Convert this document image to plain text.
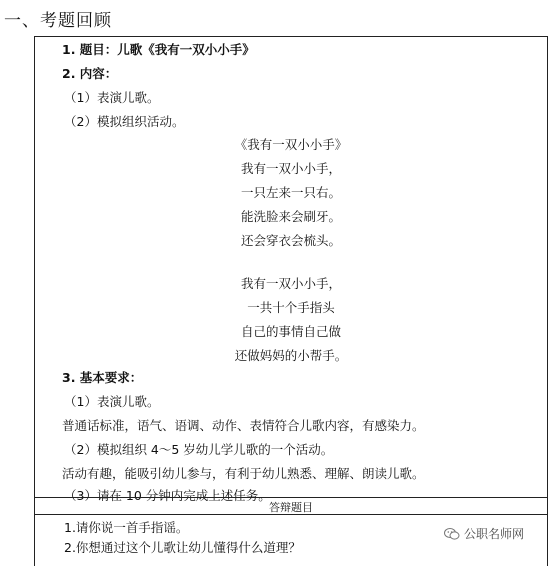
一、考题回顾
1. 题目：儿歌《我有一双小小手》
2. 内容：
（1）表演儿歌。
（2）模拟组织活动。
《我有一双小小手》
我有一双小小手，
一只左来一只右。
能洗脸来会刷牙。
还会穿衣会梳头。
我有一双小小手，
一共十个手指头
自己的事情自己做
还做妈妈的小帮手。
3. 基本要求：
（1）表演儿歌。
普通话标准，语气、语调、动作、表情符合儿歌内容，有感染力。
（2）模拟组织 4～5 岁幼儿学儿歌的一个活动。
活动有趣，能吸引幼儿参与，有利于幼儿熟悉、理解、朗读儿歌。
（3）请在 10 分钟内完成上述任务。
答辩题目
1.请你说一首手指谣。
2.你想通过这个儿歌让幼儿懂得什么道理？
公职名师网
